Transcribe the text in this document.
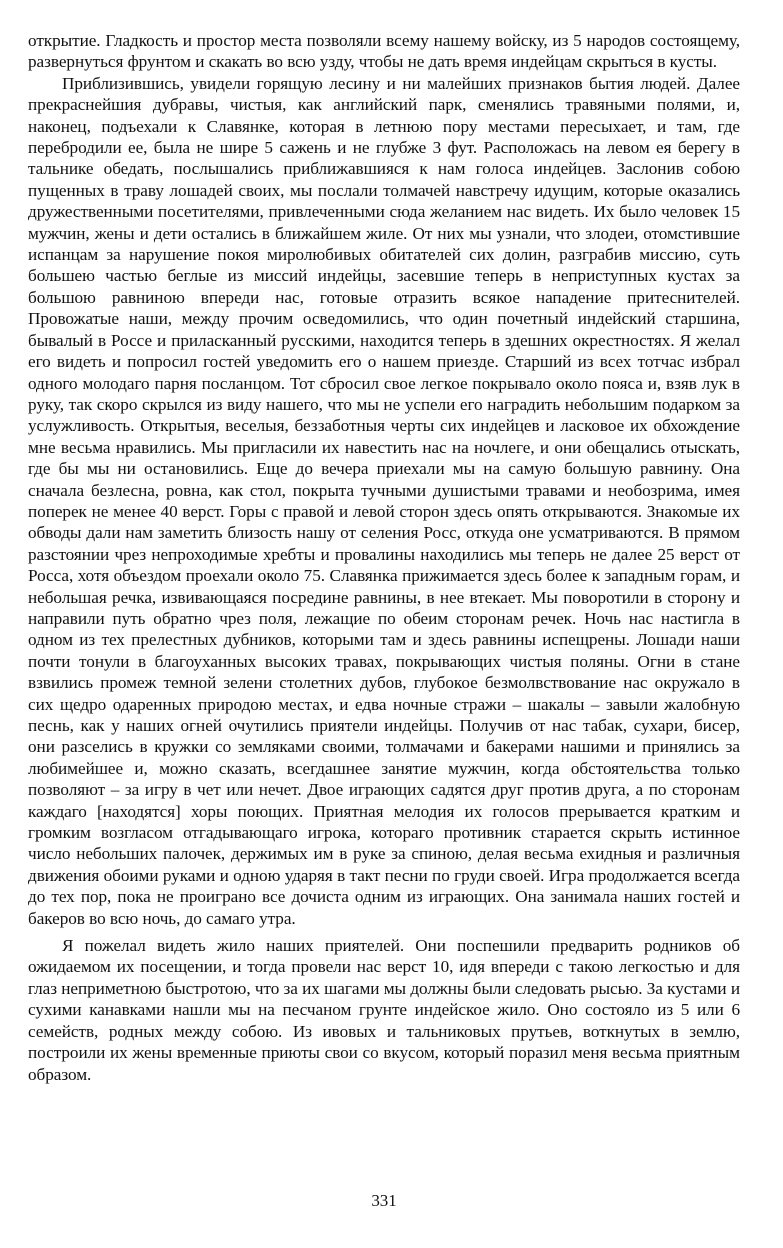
открытие. Гладкость и простор места позволяли всему нашему войску, из 5 народов состоящему, развернуться фрунтом и скакать во всю узду, чтобы не дать время индейцам скрыться в кусты.

Приблизившись, увидели горящую лесину и ни малейших признаков бытия людей. Далее прекраснейшия дубравы, чистыя, как английский парк, сменялись травяными полями, и, наконец, подъехали к Славянке, которая в летнюю пору местами пересыхает, и там, где перебродили ее, была не шире 5 сажень и не глубже 3 фут. Расположась на левом ея берегу в тальнике обедать, послышались приближавшияся к нам голоса индейцев. Заслонив собою пущенных в траву лошадей своих, мы послали толмачей навстречу идущим, которые оказались дружественными посетителями, привлеченными сюда желанием нас видеть. Их было человек 15 мужчин, жены и дети остались в ближайшем жиле. От них мы узнали, что злодеи, отомстившие испанцам за нарушение покоя миролюбивых обитателей сих долин, разграбив миссию, суть большею частью беглые из миссий индейцы, засевшие теперь в неприступных кустах за большою равниною впереди нас, готовые отразить всякое нападение притеснителей. Провожатые наши, между прочим осведомились, что один почетный индейский старшина, бывалый в Россе и приласканный русскими, находится теперь в здешних окрестностях. Я желал его видеть и попросил гостей уведомить его о нашем приезде. Старший из всех тотчас избрал одного молодаго парня посланцом. Тот сбросил свое легкое покрывало около пояса и, взяв лук в руку, так скоро скрылся из виду нашего, что мы не успели его наградить небольшим подарком за услужливость. Открытыя, веселыя, беззаботныя черты сих индейцев и ласковое их обхождение мне весьма нравились. Мы пригласили их навестить нас на ночлеге, и они обещались отыскать, где бы мы ни остановились. Еще до вечера приехали мы на самую большую равнину. Она сначала безлесна, ровна, как стол, покрыта тучными душистыми травами и необозрима, имея поперек не менее 40 верст. Горы с правой и левой сторон здесь опять открываются. Знакомые их обводы дали нам заметить близость нашу от селения Росс, откуда оне усматриваются. В прямом разстоянии чрез непроходимые хребты и провалины находились мы теперь не далее 25 верст от Росса, хотя объездом проехали около 75. Славянка прижимается здесь более к западным горам, и небольшая речка, извивающаяся посредине равнины, в нее втекает. Мы поворотили в сторону и направили путь обратно чрез поля, лежащие по обеим сторонам речек. Ночь нас настигла в одном из тех прелестных дубников, которыми там и здесь равнины испещрены. Лошади наши почти тонули в благоуханных высоких травах, покрывающих чистыя поляны. Огни в стане взвились промеж темной зелени столетних дубов, глубокое безмолвствование нас окружало в сих щедро одаренных природою местах, и едва ночные стражи – шакалы – завыли жалобную песнь, как у наших огней очутились приятели индейцы. Получив от нас табак, сухари, бисер, они разселись в кружки со земляками своими, толмачами и бакерами нашими и принялись за любимейшее и, можно сказать, всегдашнее занятие мужчин, когда обстоятельства только позволяют – за игру в чет или нечет. Двое играющих садятся друг против друга, а по сторонам каждаго [находятся] хоры поющих. Приятная мелодия их голосов прерывается кратким и громким возгласом отгадывающаго игрока, котораго противник старается скрыть истинное число небольших палочек, держимых им в руке за спиною, делая весьма ехидныя и различныя движения обоими руками и одною ударяя в такт песни по груди своей. Игра продолжается всегда до тех пор, пока не проиграно все дочиста одним из играющих. Она занимала наших гостей и бакеров во всю ночь, до самаго утра.

Я пожелал видеть жило наших приятелей. Они поспешили предварить родников об ожидаемом их посещении, и тогда провели нас верст 10, идя впереди с такою легкостью и для глаз неприметною быстротою, что за их шагами мы должны были следовать рысью. За кустами и сухими канавками нашли мы на песчаном грунте индейское жило. Оно состояло из 5 или 6 семейств, родных между собою. Из ивовых и тальниковых прутьев, воткнутых в землю, построили их жены временные приюты свои со вкусом, который поразил меня весьма приятным образом.

331
